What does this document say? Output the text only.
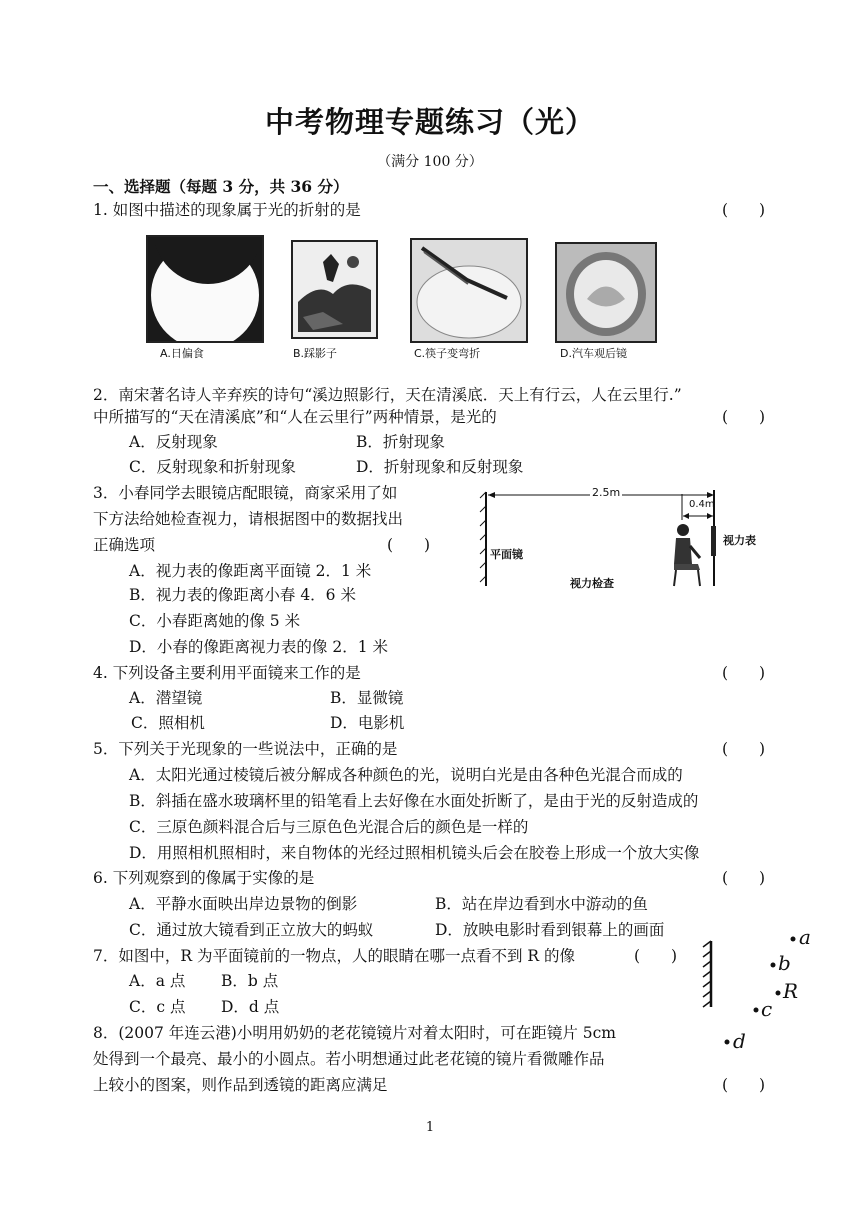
中考物理专题练习（光）
（满分 100 分）
一、选择题（每题 3 分，共 36 分）
1. 如图中描述的现象属于光的折射的是	(　　)
A.日偏食	B.踩影子	C.筷子变弯折	D.汽车观后镜
2．南宋著名诗人辛弃疾的诗句“溪边照影行，天在清溪底．天上有行云，人在云里行.”
中所描写的“天在清溪底”和“人在云里行”两种情景，是光的	(　　)
A．反射现象	B．折射现象
C．反射现象和折射现象	D．折射现象和反射现象
3．小春同学去眼镜店配眼镜，商家采用了如
下方法给她检查视力，请根据图中的数据找出
正确选项	(　　)
A．视力表的像距离平面镜 2．1 米
B．视力表的像距离小春 4．6 米
C．小春距离她的像 5 米
D．小春的像距离视力表的像 2．1 米
2.5m
0.4m
平面镜
视力表
视力检查
4. 下列设备主要利用平面镜来工作的是	(　　)
A．潜望镜	B．显微镜
C．照相机	D．电影机
5．下列关于光现象的一些说法中，正确的是	(　　)
A．太阳光通过棱镜后被分解成各种颜色的光，说明白光是由各种色光混合而成的
B．斜插在盛水玻璃杯里的铅笔看上去好像在水面处折断了，是由于光的反射造成的
C．三原色颜料混合后与三原色色光混合后的颜色是一样的
D．用照相机照相时，来自物体的光经过照相机镜头后会在胶卷上形成一个放大实像
6. 下列观察到的像属于实像的是	(　　)
A．平静水面映出岸边景物的倒影	B．站在岸边看到水中游动的鱼
C．通过放大镜看到正立放大的蚂蚁	D．放映电影时看到银幕上的画面
7．如图中，R 为平面镜前的一物点，人的眼睛在哪一点看不到 R 的像	(　　)
A．a 点 B．b 点
C．c 点 D．d 点
a
b
R
c
d
8．(2007 年连云港)小明用奶奶的老花镜镜片对着太阳时，可在距镜片 5cm
处得到一个最亮、最小的小圆点。若小明想通过此老花镜的镜片看微雕作品
上较小的图案，则作品到透镜的距离应满足	(　　)
1
